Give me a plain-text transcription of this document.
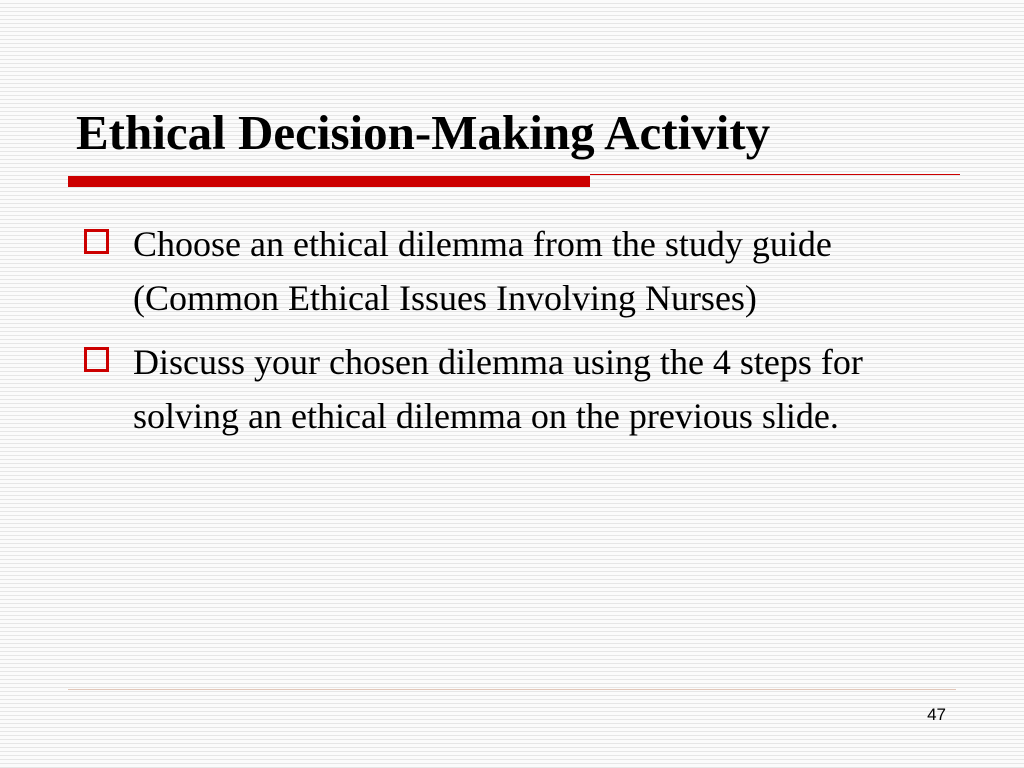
Ethical Decision-Making Activity
Choose an ethical dilemma from the study guide (Common Ethical Issues Involving Nurses)
Discuss your chosen dilemma using the 4 steps for solving an ethical dilemma on the previous slide.
47
